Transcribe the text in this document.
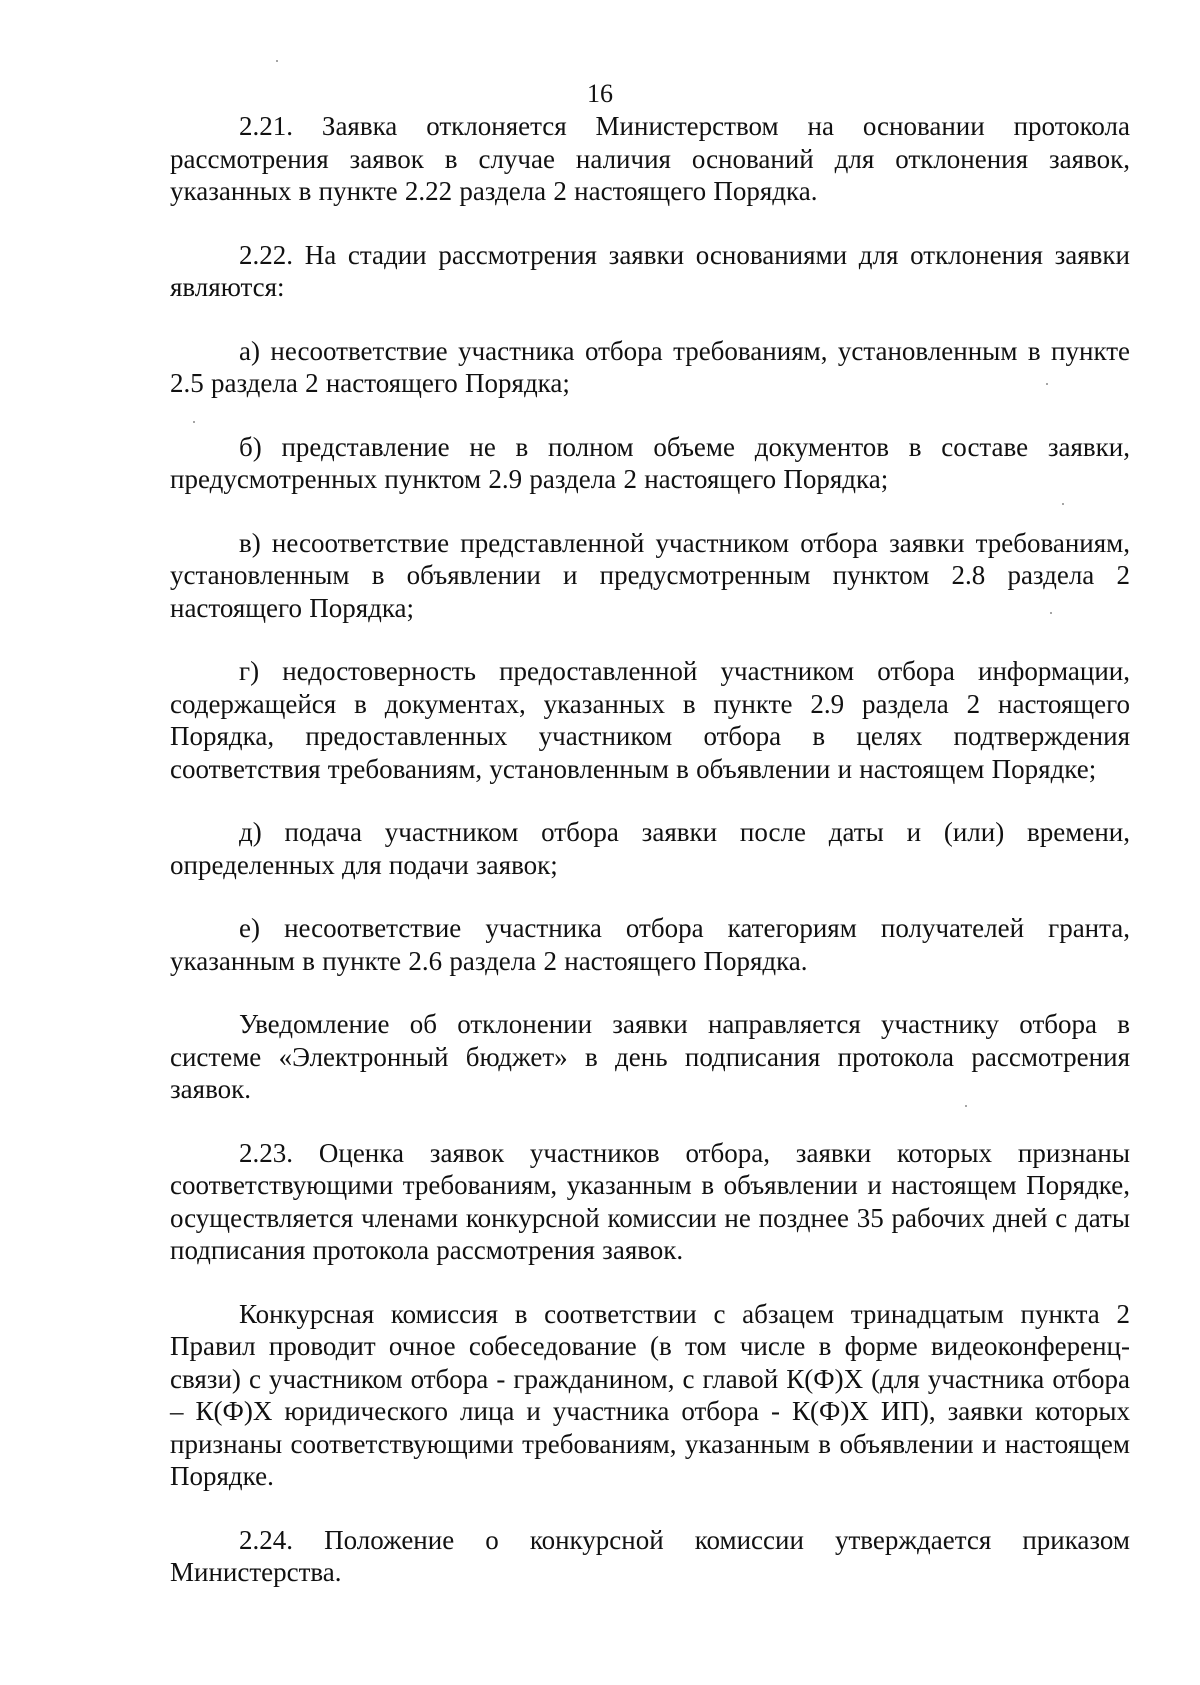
16

2.21. Заявка отклоняется Министерством на основании протокола рассмотрения заявок в случае наличия оснований для отклонения заявок, указанных в пункте 2.22 раздела 2 настоящего Порядка.

2.22. На стадии рассмотрения заявки основаниями для отклонения заявки являются:

а) несоответствие участника отбора требованиям, установленным в пункте 2.5 раздела 2 настоящего Порядка;

б) представление не в полном объеме документов в составе заявки, предусмотренных пунктом 2.9 раздела 2 настоящего Порядка;

в) несоответствие представленной участником отбора заявки требованиям, установленным в объявлении и предусмотренным пунктом 2.8 раздела 2 настоящего Порядка;

г) недостоверность предоставленной участником отбора информации, содержащейся в документах, указанных в пункте 2.9 раздела 2 настоящего Порядка, предоставленных участником отбора в целях подтверждения соответствия требованиям, установленным в объявлении и настоящем Порядке;

д) подача участником отбора заявки после даты и (или) времени, определенных для подачи заявок;

е) несоответствие участника отбора категориям получателей гранта, указанным в пункте 2.6 раздела 2 настоящего Порядка.

Уведомление об отклонении заявки направляется участнику отбора в системе «Электронный бюджет» в день подписания протокола рассмотрения заявок.

2.23. Оценка заявок участников отбора, заявки которых признаны соответствующими требованиям, указанным в объявлении и настоящем Порядке, осуществляется членами конкурсной комиссии не позднее 35 рабочих дней с даты подписания протокола рассмотрения заявок.

Конкурсная комиссия в соответствии с абзацем тринадцатым пункта 2 Правил проводит очное собеседование (в том числе в форме видеоконференц-связи) с участником отбора - гражданином, с главой К(Ф)Х (для участника отбора – К(Ф)Х юридического лица и участника отбора - К(Ф)Х ИП), заявки которых признаны соответствующими требованиям, указанным в объявлении и настоящем Порядке.

2.24. Положение о конкурсной комиссии утверждается приказом Министерства.
